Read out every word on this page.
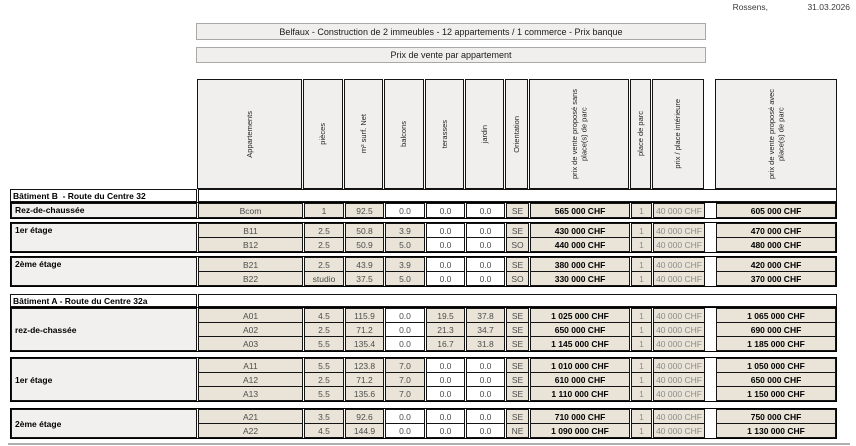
Rossens,	31.03.2026
Belfaux - Construction de 2 immeubles - 12 appartements / 1 commerce - Prix banque
Prix de vente par appartement
Appartements	pièces	m² surf. Net	balcons	terasses	jardin	Orientation	prix de vente proposé sans place(s) de parc	place de parc	prix / place intérieure	prix de vente proposé avec place(s) de parc
Bâtiment B  - Route du Centre 32
Rez-de-chaussée	Bcom	1	92.5	0.0	0.0	0.0	SE	565 000 CHF	1	40 000 CHF	605 000 CHF
1er étage	B11	2.5	50.8	3.9	0.0	0.0	SE	430 000 CHF	1	40 000 CHF	470 000 CHF
B12	2.5	50.9	5.0	0.0	0.0	SO	440 000 CHF	1	40 000 CHF	480 000 CHF
2ème étage	B21	2.5	43.9	3.9	0.0	0.0	SE	380 000 CHF	1	40 000 CHF	420 000 CHF
B22	studio	37.5	5.0	0.0	0.0	SO	330 000 CHF	1	40 000 CHF	370 000 CHF
Bâtiment A - Route du Centre 32a
rez-de-chassée
A01	4.5	115.9	0.0	19.5	37.8	SE	1 025 000 CHF	1	40 000 CHF	1 065 000 CHF
A02	2.5	71.2	0.0	21.3	34.7	SE	650 000 CHF	1	40 000 CHF	690 000 CHF
A03	5.5	135.4	0.0	16.7	31.8	SE	1 145 000 CHF	1	40 000 CHF	1 185 000 CHF
1er étage
A11	5.5	123.8	7.0	0.0	0.0	SE	1 010 000 CHF	1	40 000 CHF	1 050 000 CHF
A12	2.5	71.2	7.0	0.0	0.0	SE	610 000 CHF	1	40 000 CHF	650 000 CHF
A13	5.5	135.6	7.0	0.0	0.0	SE	1 110 000 CHF	1	40 000 CHF	1 150 000 CHF
2ème étage
A21	3.5	92.6	0.0	0.0	0.0	SE	710 000 CHF	1	40 000 CHF	750 000 CHF
A22	4.5	144.9	0.0	0.0	0.0	NE	1 090 000 CHF	1	40 000 CHF	1 130 000 CHF
